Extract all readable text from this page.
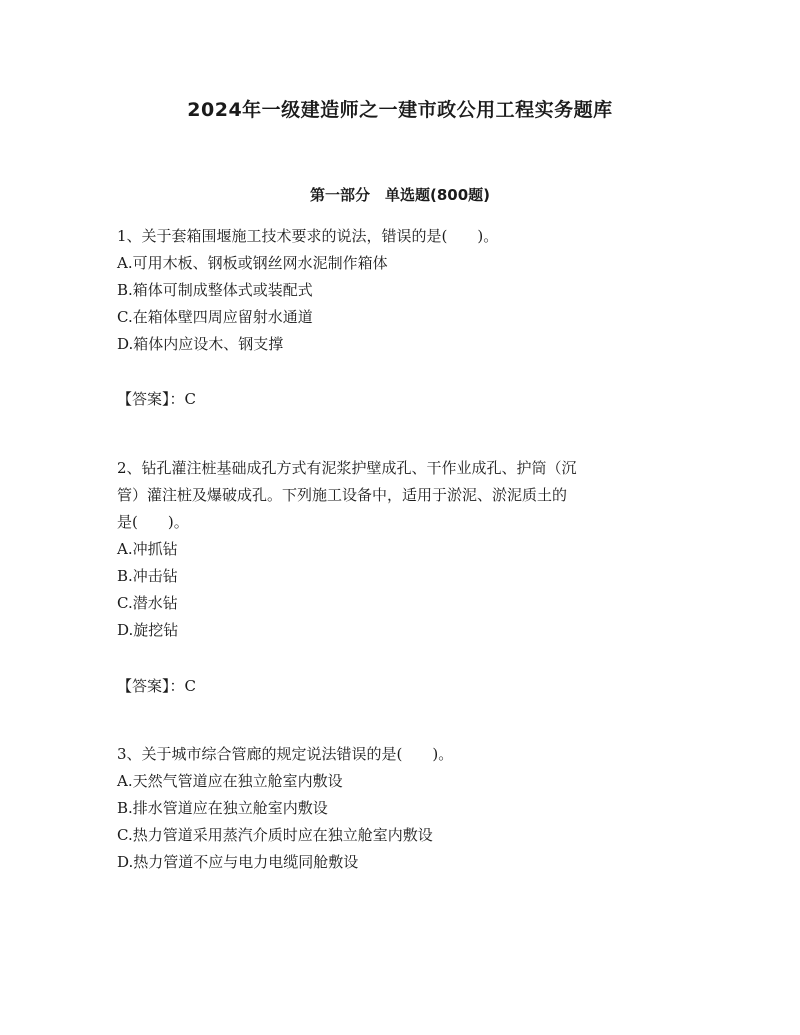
2024年一级建造师之一建市政公用工程实务题库
第一部分　单选题(800题)

1、关于套箱围堰施工技术要求的说法，错误的是(　　)。

A.可用木板、钢板或钢丝网水泥制作箱体

B.箱体可制成整体式或装配式

C.在箱体壁四周应留射水通道

D.箱体内应设木、钢支撑

【答案】：C

2、钻孔灌注桩基础成孔方式有泥浆护壁成孔、干作业成孔、护筒（沉

管）灌注桩及爆破成孔。下列施工设备中，适用于淤泥、淤泥质土的

是(　　)。

A.冲抓钻

B.冲击钻

C.潜水钻

D.旋挖钻

【答案】：C

3、关于城市综合管廊的规定说法错误的是(　　)。

A.天然气管道应在独立舱室内敷设

B.排水管道应在独立舱室内敷设

C.热力管道采用蒸汽介质时应在独立舱室内敷设

D.热力管道不应与电力电缆同舱敷设
